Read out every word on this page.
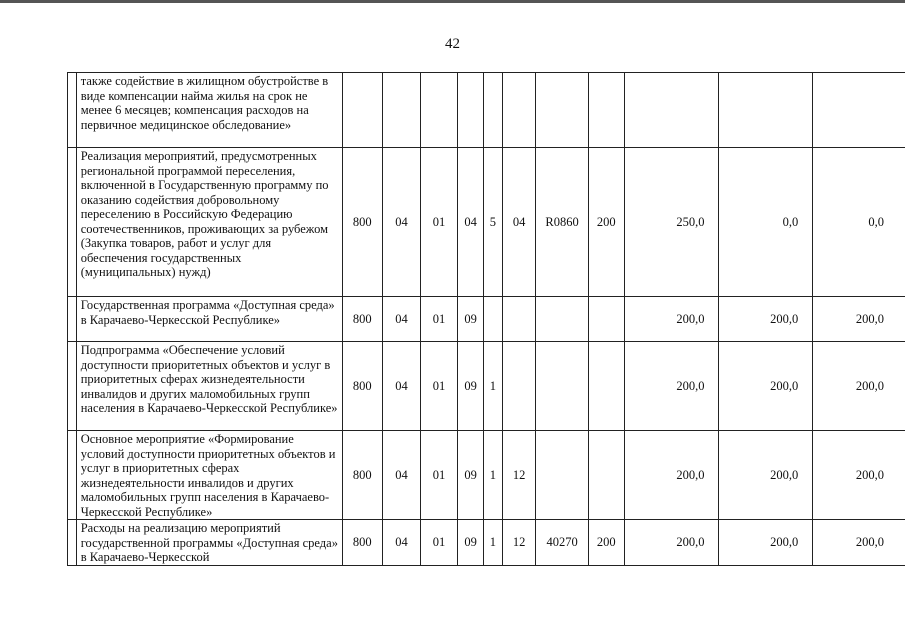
42
	также содействие в жилищном обустройстве в виде компенсации найма жилья на срок не менее 6 месяцев; компенсация расходов на первичное медицинское обследование»											
	Реализация мероприятий, предусмотренных региональной программой переселения, включенной в Государственную программу по оказанию содействия добровольному переселению в Российскую Федерацию соотечественников, проживающих за рубежом (Закупка товаров, работ и услуг для обеспечения государственных (муниципальных) нужд)	800	04	01	04	5	04	R0860	200	250,0	0,0	0,0
	Государственная программа «Доступная среда» в Карачаево-Черкесской Республике»	800	04	01	09					200,0	200,0	200,0
	Подпрограмма «Обеспечение условий доступности приоритетных объектов и услуг в приоритетных сферах жизнедеятельности инвалидов и других маломобильных групп населения в Карачаево-Черкесской Республике»	800	04	01	09	1				200,0	200,0	200,0
	Основное мероприятие «Формирование условий доступности приоритетных объектов и услуг в приоритетных сферах жизнедеятельности инвалидов и других маломобильных групп населения в Карачаево-Черкесской Республике»	800	04	01	09	1	12			200,0	200,0	200,0
	Расходы на реализацию мероприятий государственной программы «Доступная среда» в Карачаево-Черкесской	800	04	01	09	1	12	40270	200	200,0	200,0	200,0
